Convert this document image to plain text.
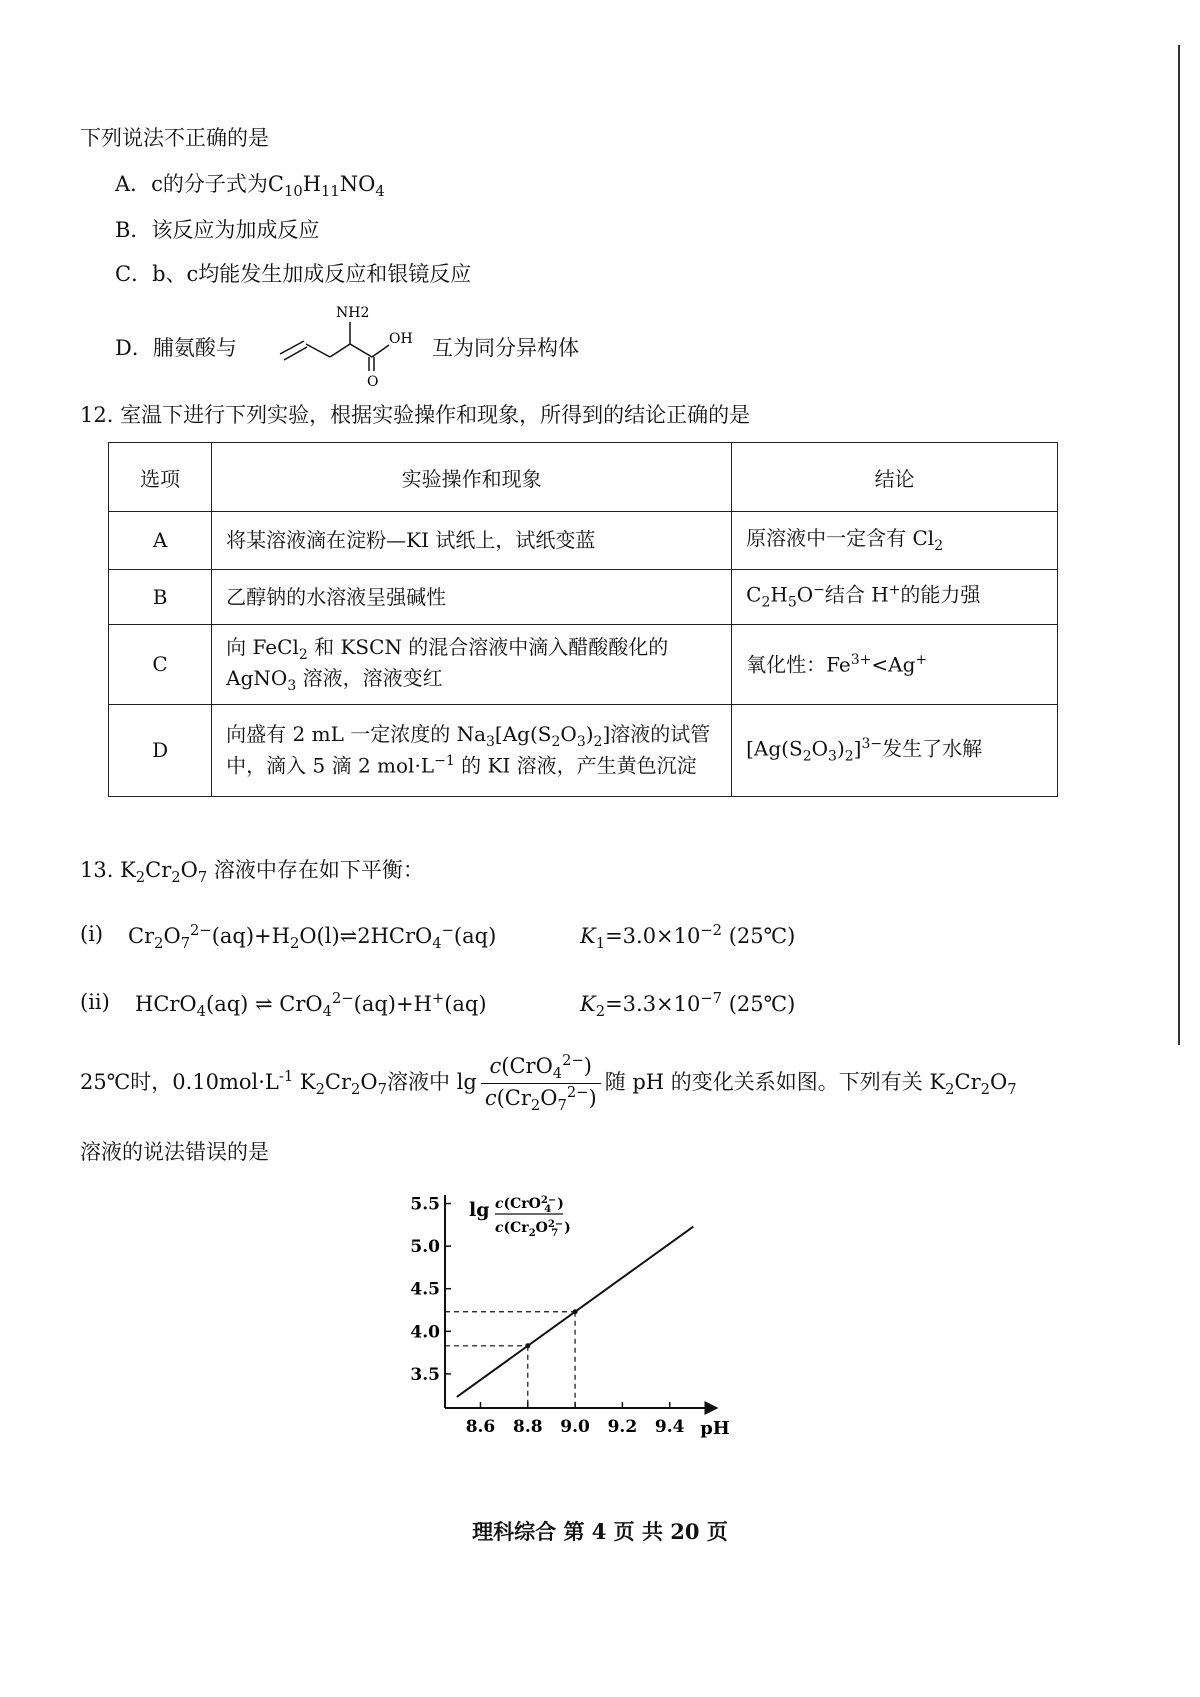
下列说法不正确的是
A．c的分子式为$C_{10}H_{11}NO_4$
B．该反应为加成反应
C．b、c均能发生加成反应和银镜反应
D．脯氨酸与
NH2
OH
O
互为同分异构体
12. 室温下进行下列实验，根据实验操作和现象，所得到的结论正确的是
选项	实验操作和现象	结论
A	将某溶液滴在淀粉—KI 试纸上，试纸变蓝	原溶液中一定含有 $Cl_2$
B	乙醇钠的水溶液呈强碱性	$C_2H_5O^-$结合 H+的能力强
C	向 FeCl$_2$ 和 KSCN 的混合溶液中滴入醋酸酸化的 AgNO$_3$ 溶液，溶液变红	氧化性：$Fe^{3+}<Ag^+$
D	向盛有 2 mL 一定浓度的 $Na_3[Ag(S_2O_3)_2]$溶液的试管中，滴入 5 滴 2 $mol\cdot L^{-1}$ 的 KI 溶液，产生黄色沉淀	$[Ag(S_2O_3)_2]^{3-}$发生了水解
13. $K_2Cr_2O_7$ 溶液中存在如下平衡：
(i) $Cr_2O_7^{2-}(aq)+H_2O(l)\rightleftharpoons 2HCrO_4^-(aq)$	$K_1=3.0\times 10^{-2}$ (25℃)
(ii) HCrO$_4$(aq) ⇌ CrO$_4^{2-}$(aq)+H+(aq)	$K_2=3.3\times 10^{-7}$ (25℃)
25℃时，$0.10mol\cdot L^{-1}$ $K_2Cr_2O_7$溶液中 $\lg \frac{c(CrO_4^{2-})}{c(Cr_2O_7^{2-})}$ 随 pH 的变化关系如图。下列有关 $K_2Cr_2O_7$
溶液的说法错误的是
lg c(CrO$^{2-}$ 4 )
$c(Cr_2O^{2-}$ 7 )
8.6 8.8 9.0 9.2 9.4 pH
3.5
4.0
4.5
5.0
5.5
理科综合 第 4 页 共 20 页
